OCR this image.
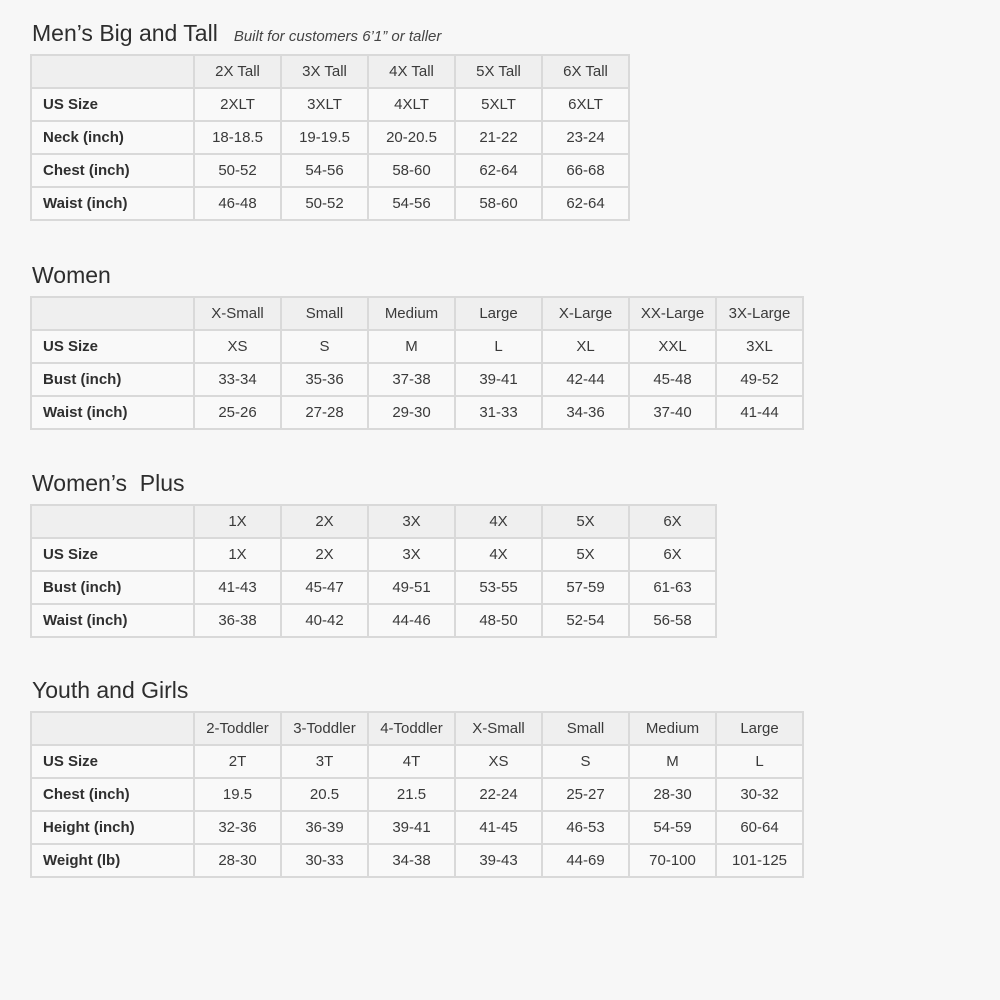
Men’s Big and Tall Built for customers 6’1” or taller
	2X Tall	3X Tall	4X Tall	5X Tall	6X Tall
US Size	2XLT	3XLT	4XLT	5XLT	6XLT
Neck (inch)	18-18.5	19-19.5	20-20.5	21-22	23-24
Chest (inch)	50-52	54-56	58-60	62-64	66-68
Waist (inch)	46-48	50-52	54-56	58-60	62-64
Women
	X-Small	Small	Medium	Large	X-Large	XX-Large	3X-Large
US Size	XS	S	M	L	XL	XXL	3XL
Bust (inch)	33-34	35-36	37-38	39-41	42-44	45-48	49-52
Waist (inch)	25-26	27-28	29-30	31-33	34-36	37-40	41-44
Women’s  Plus
	1X	2X	3X	4X	5X	6X
US Size	1X	2X	3X	4X	5X	6X
Bust (inch)	41-43	45-47	49-51	53-55	57-59	61-63
Waist (inch)	36-38	40-42	44-46	48-50	52-54	56-58
Youth and Girls
	2-Toddler	3-Toddler	4-Toddler	X-Small	Small	Medium	Large
US Size	2T	3T	4T	XS	S	M	L
Chest (inch)	19.5	20.5	21.5	22-24	25-27	28-30	30-32
Height (inch)	32-36	36-39	39-41	41-45	46-53	54-59	60-64
Weight (lb)	28-30	30-33	34-38	39-43	44-69	70-100	101-125
